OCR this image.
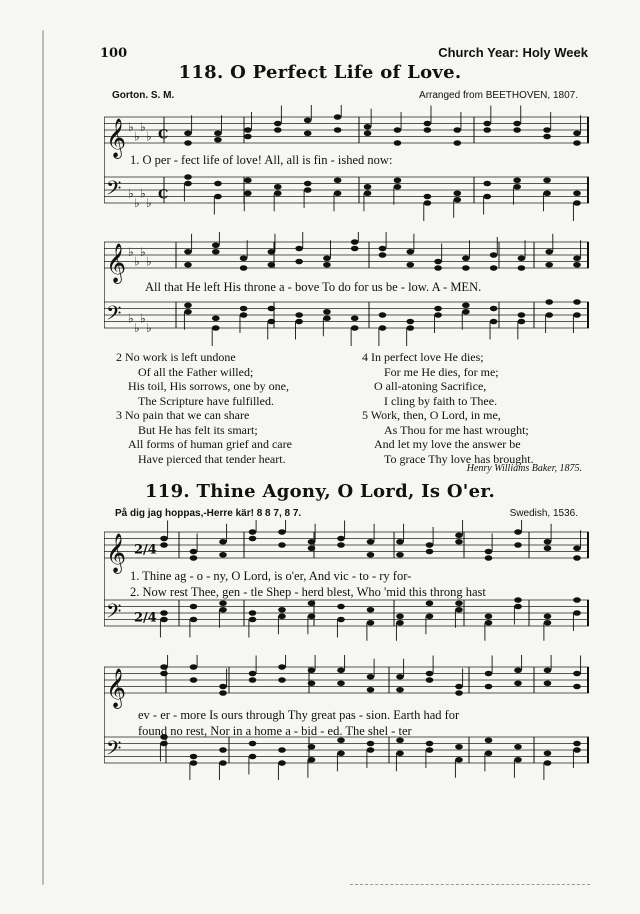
100	Church Year: Holy Week
118. O Perfect Life of Love.
Gorton. S. M.	Arranged from BEETHOVEN, 1807.
𝄞 ♭
♭
♭
♭ C
𝄢 ♭
♭
♭
♭
C
1. O per - fect life of love! All, all is fin - ished now:
𝄞 ♭
♭
♭
♭
𝄢 ♭
♭
♭
♭
All that He left His throne a - bove To do for us be - low. A - MEN.
2 No work is left undone
Of all the Father willed;
His toil, His sorrows, one by one,
The Scripture have fulfilled.
3 No pain that we can share
But He has felt its smart;
All forms of human grief and care
Have pierced that tender heart.
4 In perfect love He dies;
For me He dies, for me;
O all-atoning Sacrifice,
I cling by faith to Thee.
5 Work, then, O Lord, in me,
As Thou for me hast wrought;
And let my love the answer be
To grace Thy love has brought.
Henry Williams Baker, 1875.
119. Thine Agony, O Lord, Is O'er.
På dig jag hoppas,-Herre kär! 8 8 7, 8 7.	Swedish, 1536.
𝄞 2/4
𝄢 2/4
1. Thine ag - o - ny, O Lord, is o'er, And vic - to - ry for-
2. Now rest Thee, gen - tle Shep - herd blest, Who 'mid this throng hast
𝄞
𝄢
ev - er - more Is ours through Thy great pas - sion. Earth had for
found no rest, Nor in a home a - bid - ed. The shel - ter
